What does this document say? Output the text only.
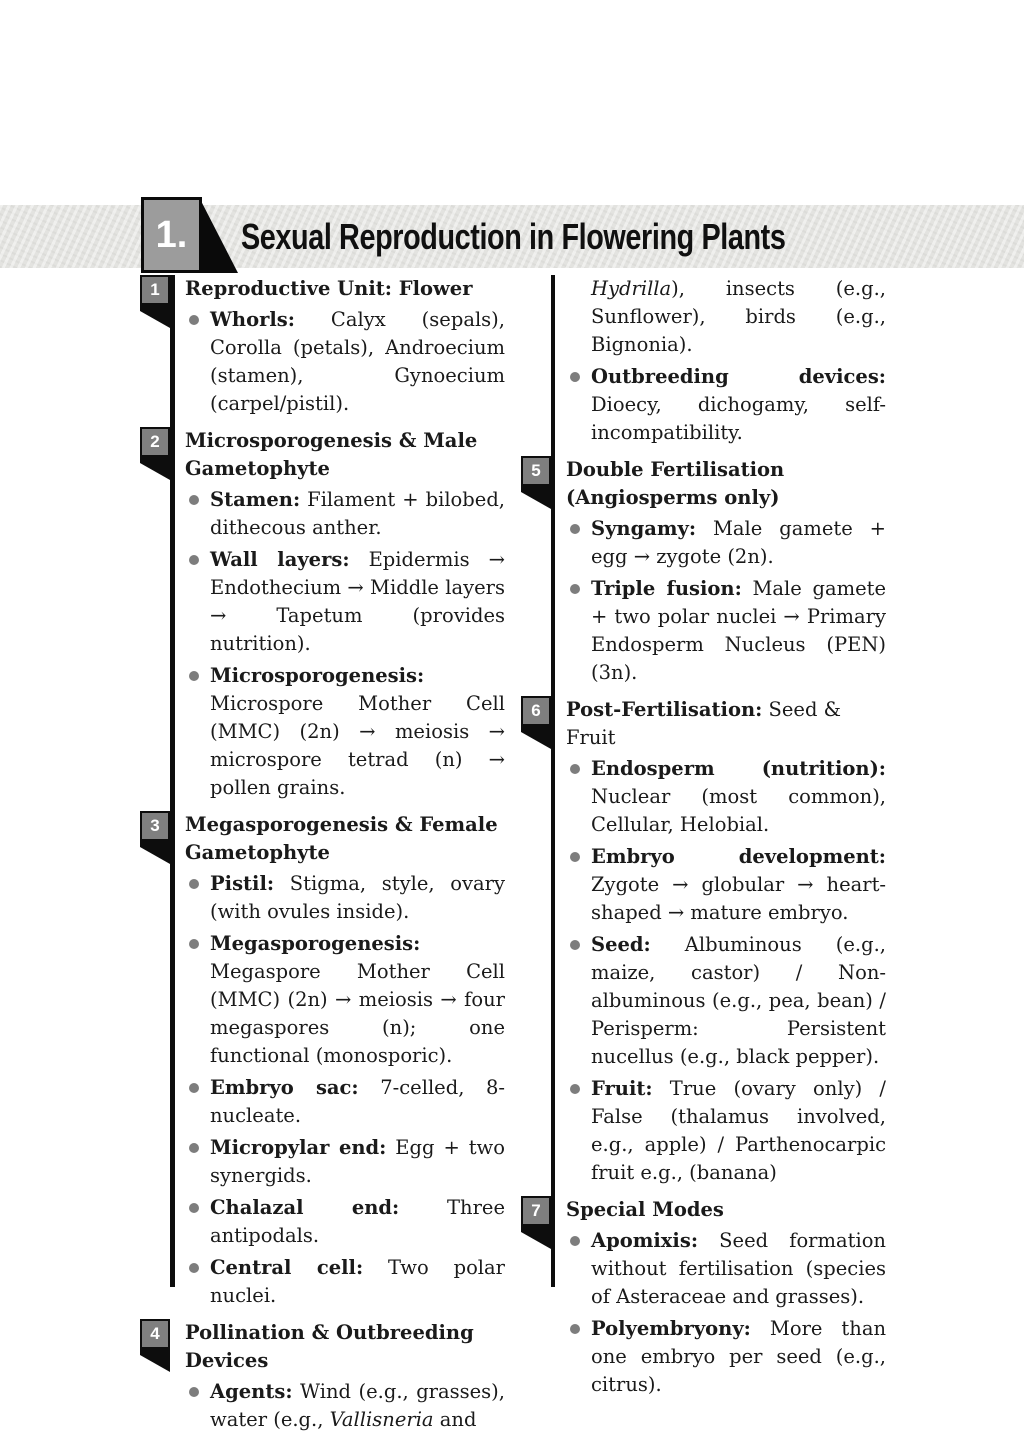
1.	Sexual Reproduction in Flowering Plants
1	Reproductive Unit: Flower
Whorls: Calyx (sepals), Corolla (petals), Androecium (stamen), Gynoecium (carpel/pistil).
2	Microsporogenesis & Male Gametophyte
Stamen: Filament + bilobed, dithecous anther.
Wall layers: Epidermis → Endothecium → Middle layers → Tapetum (provides nutrition).
Microsporogenesis: Microspore Mother Cell (MMC) (2n) → meiosis → microspore tetrad (n) → pollen grains.
3	Megasporogenesis & Female Gametophyte
Pistil: Stigma, style, ovary (with ovules inside).
Megasporogenesis: Megaspore Mother Cell (MMC) (2n) → meiosis → four megaspores (n); one functional (monosporic).
Embryo sac: 7-celled, 8-nucleate.
Micropylar end: Egg + two synergids.
Chalazal end: Three antipodals.
Central cell: Two polar nuclei.
4	Pollination & Outbreeding Devices
Agents: Wind (e.g., grasses), water (e.g., Vallisneria and
Hydrilla), insects (e.g., Sunflower), birds (e.g., Bignonia).
Outbreeding devices: Dioecy, dichogamy, self-incompatibility.
5	Double Fertilisation (Angiosperms only)
Syngamy: Male gamete + egg → zygote (2n).
Triple fusion: Male gamete + two polar nuclei → Primary Endosperm Nucleus (PEN) (3n).
6	Post-Fertilisation: Seed & Fruit
Endosperm (nutrition): Nuclear (most common), Cellular, Helobial.
Embryo development: Zygote → globular → heart-shaped → mature embryo.
Seed: Albuminous (e.g., maize, castor) / Non-albuminous (e.g., pea, bean) / Perisperm: Persistent nucellus (e.g., black pepper).
Fruit: True (ovary only) / False (thalamus involved, e.g., apple) / Parthenocarpic fruit e.g., (banana)
7	Special Modes
Apomixis: Seed formation without fertilisation (species of Asteraceae and grasses).
Polyembryony: More than one embryo per seed (e.g., citrus).
